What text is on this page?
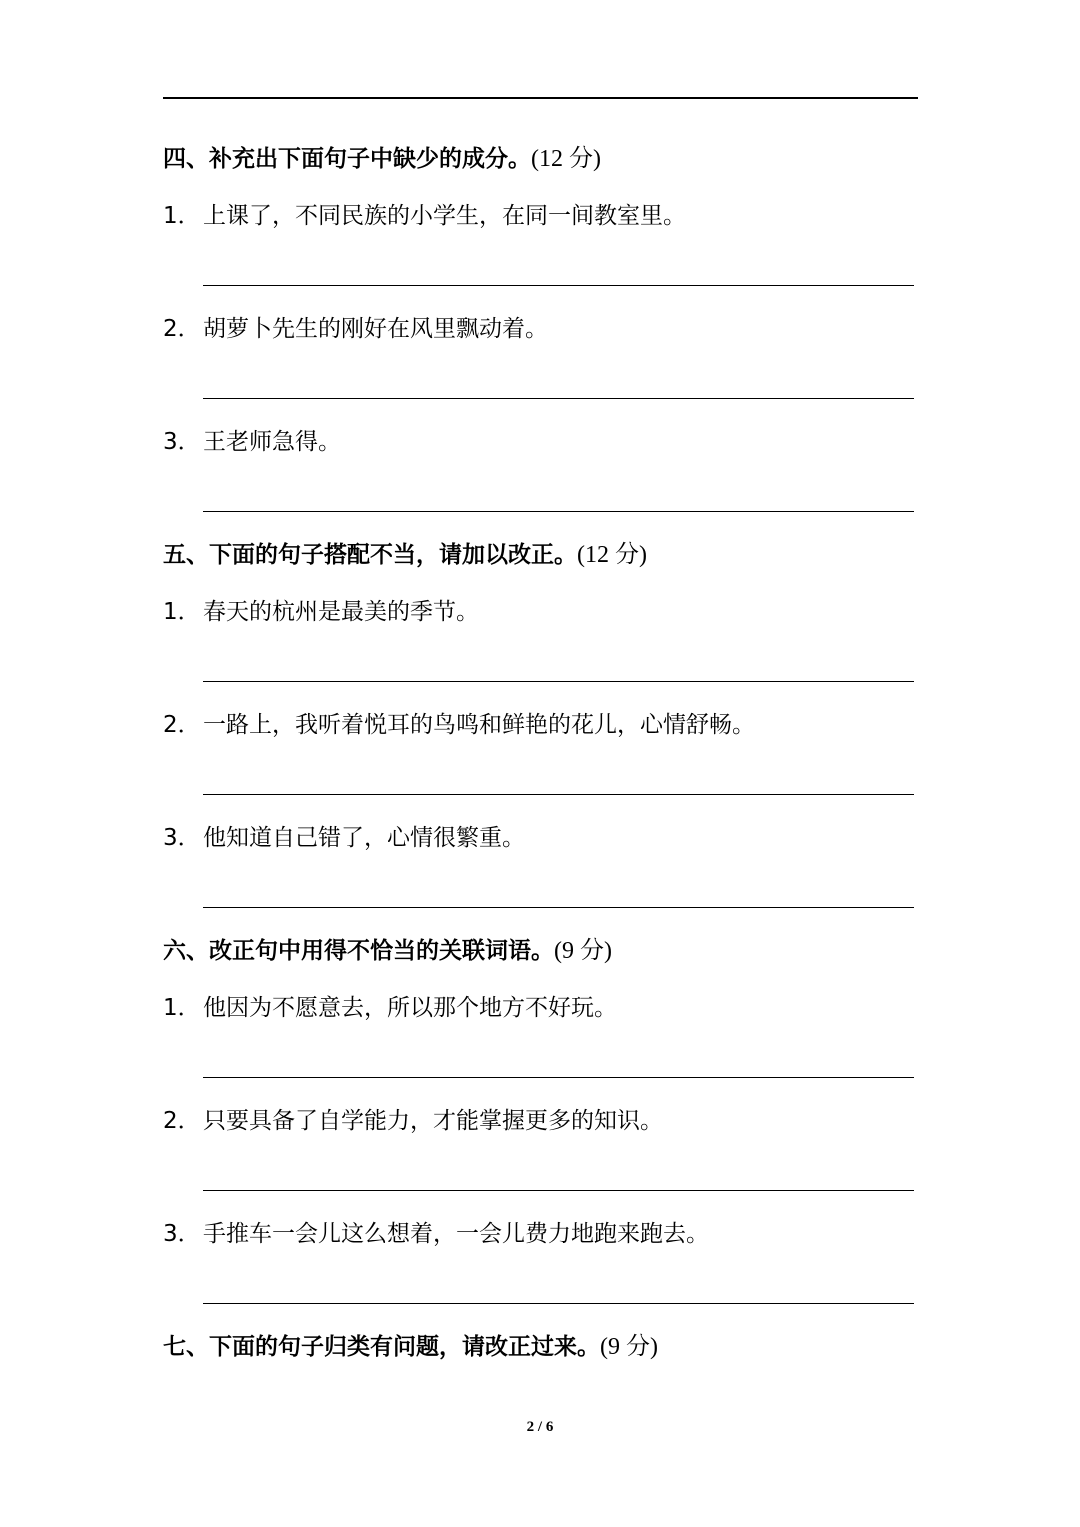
四、补充出下面句子中缺少的成分。(12 分)
1． 上课了，不同民族的小学生，在同一间教室里。
2． 胡萝卜先生的刚好在风里飘动着。
3． 王老师急得。
五、下面的句子搭配不当，请加以改正。(12 分)
1． 春天的杭州是最美的季节。
2． 一路上，我听着悦耳的鸟鸣和鲜艳的花儿，心情舒畅。
3． 他知道自己错了，心情很繁重。
六、改正句中用得不恰当的关联词语。(9 分)
1． 他因为不愿意去，所以那个地方不好玩。
2． 只要具备了自学能力，才能掌握更多的知识。
3． 手推车一会儿这么想着，一会儿费力地跑来跑去。
七、下面的句子归类有问题，请改正过来。(9 分)
2 / 6
